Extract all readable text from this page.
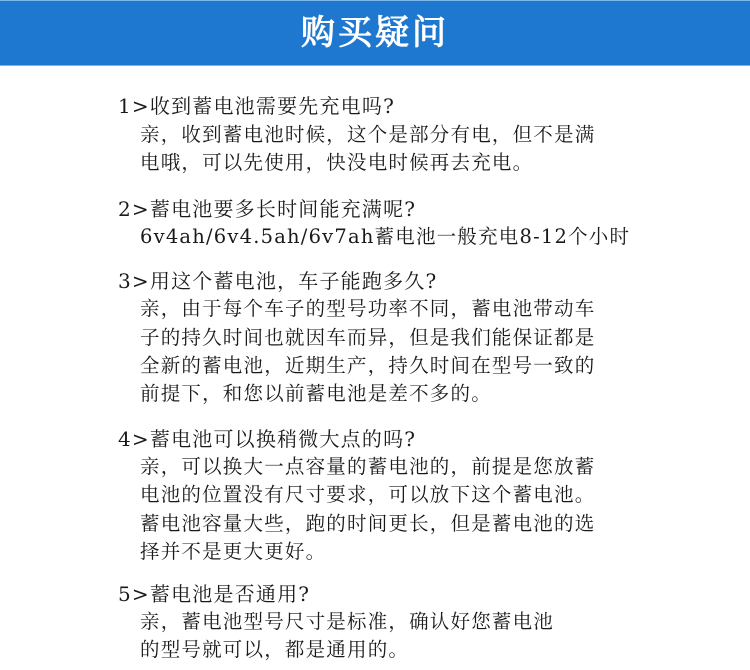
购买疑问
1>收到蓄电池需要先充电吗?
亲，收到蓄电池时候，这个是部分有电，但不是满
电哦，可以先使用，快没电时候再去充电。
2>蓄电池要多长时间能充满呢?
6v4ah/6v4.5ah/6v7ah蓄电池一般充电8-12个小时
3>用这个蓄电池，车子能跑多久?
亲，由于每个车子的型号功率不同，蓄电池带动车
子的持久时间也就因车而异，但是我们能保证都是
全新的蓄电池，近期生产，持久时间在型号一致的
前提下，和您以前蓄电池是差不多的。
4>蓄电池可以换稍微大点的吗?
亲，可以换大一点容量的蓄电池的，前提是您放蓄
电池的位置没有尺寸要求，可以放下这个蓄电池。
蓄电池容量大些，跑的时间更长，但是蓄电池的选
择并不是更大更好。
5>蓄电池是否通用?
亲，蓄电池型号尺寸是标准，确认好您蓄电池
的型号就可以，都是通用的。
